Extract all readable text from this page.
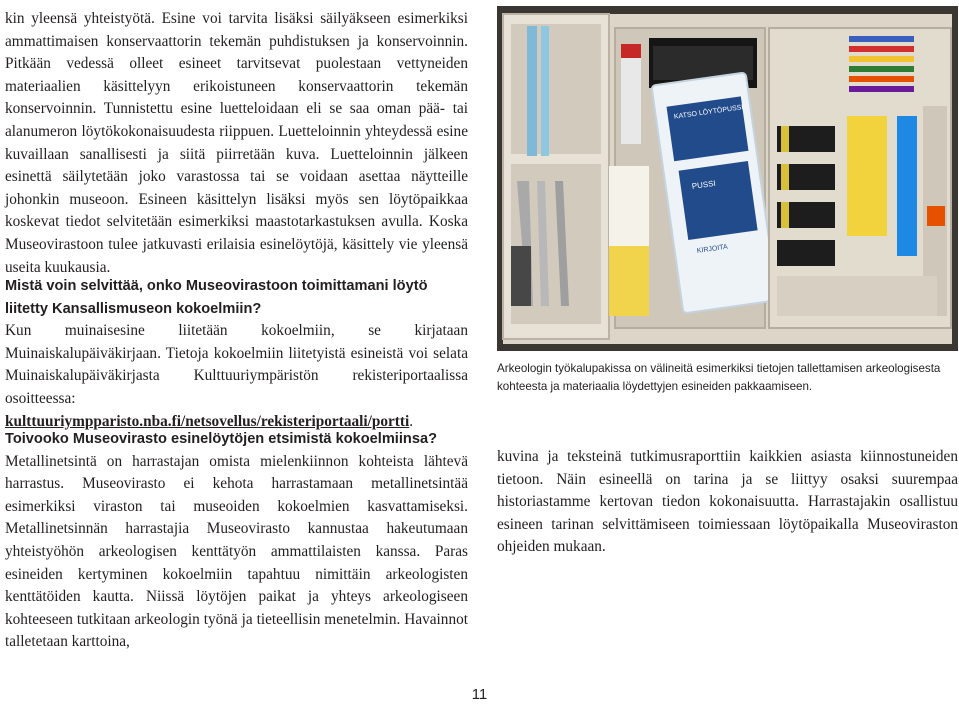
kin yleensä yhteistyötä. Esine voi tarvita lisäksi säilyäkseen esimerkiksi ammattimaisen konservaattorin tekemän puhdistuksen ja konservoinnin. Pitkään vedessä olleet esineet tarvitsevat puolestaan vettyneiden materiaalien käsittelyyn erikoistuneen konservaattorin tekemän konservoinnin. Tunnistettu esine luetteloidaan eli se saa oman pää- tai alanumeron löytökokonaisuudesta riippuen. Luetteloinnin yhteydessä esine kuvaillaan sanallisesti ja siitä piirretään kuva. Luetteloinnin jälkeen esinettä säilytetään joko varastossa tai se voidaan asettaa näytteille johonkin museoon. Esineen käsittelyn lisäksi myös sen löytöpaikkaa koskevat tiedot selvitetään esimerkiksi maastotarkastuksen avulla. Koska Museovirastoon tulee jatkuvasti erilaisia esinelöytöjä, käsittely vie yleensä useita kuukausia.

Mistä voin selvittää, onko Museovirastoon toimittamani löytö liitetty Kansallismuseon kokoelmiin?

Kun muinaisesine liitetään kokoelmiin, se kirjataan Muinaiskalupäiväkirjaan. Tietoja kokoelmiin liitetyistä esineistä voi selata Muinaiskalupäiväkirjasta Kulttuuriympäristön rekisteriportaalissa osoitteessa: kulttuuriympparisto.nba.fi/netsovellus/rekisteriportaali/portti.

Toivooko Museovirasto esinelöytöjen etsimistä kokoelmiinsa?

Metallinetsintä on harrastajan omista mielenkiinnon kohteista lähtevä harrastus. Museovirasto ei kehota harrastamaan metallinetsintää esimerkiksi viraston tai museoiden kokoelmien kasvattamiseksi. Metallinetsinnän harrastajia Museovirasto kannustaa hakeutumaan yhteistyöhön arkeologisen kenttätyön ammattilaisten kanssa. Paras esineiden kertyminen kokoelmiin tapahtuu nimittäin arkeologisten kenttätöiden kautta. Niissä löytöjen paikat ja yhteys arkeologiseen kohteeseen tutkitaan arkeologin työnä ja tieteellisin menetelmin. Havainnot talletetaan karttoina,

KATSO LÖYTÖPUSSI
PUSSI
KIRJOITA

Arkeologin työkalupakissa on välineitä esimerkiksi tietojen tallettamisen arkeologisesta kohteesta ja materiaalia löydettyjen esineiden pakkaamiseen.

kuvina ja teksteinä tutkimusraporttiin kaikkien asiasta kiinnostuneiden tietoon. Näin esineellä on tarina ja se liittyy osaksi suurempaa historiastamme kertovan tiedon kokonaisuutta. Harrastajakin osallistuu esineen tarinan selvittämiseen toimiessaan löytöpaikalla Museoviraston ohjeiden mukaan.

11
